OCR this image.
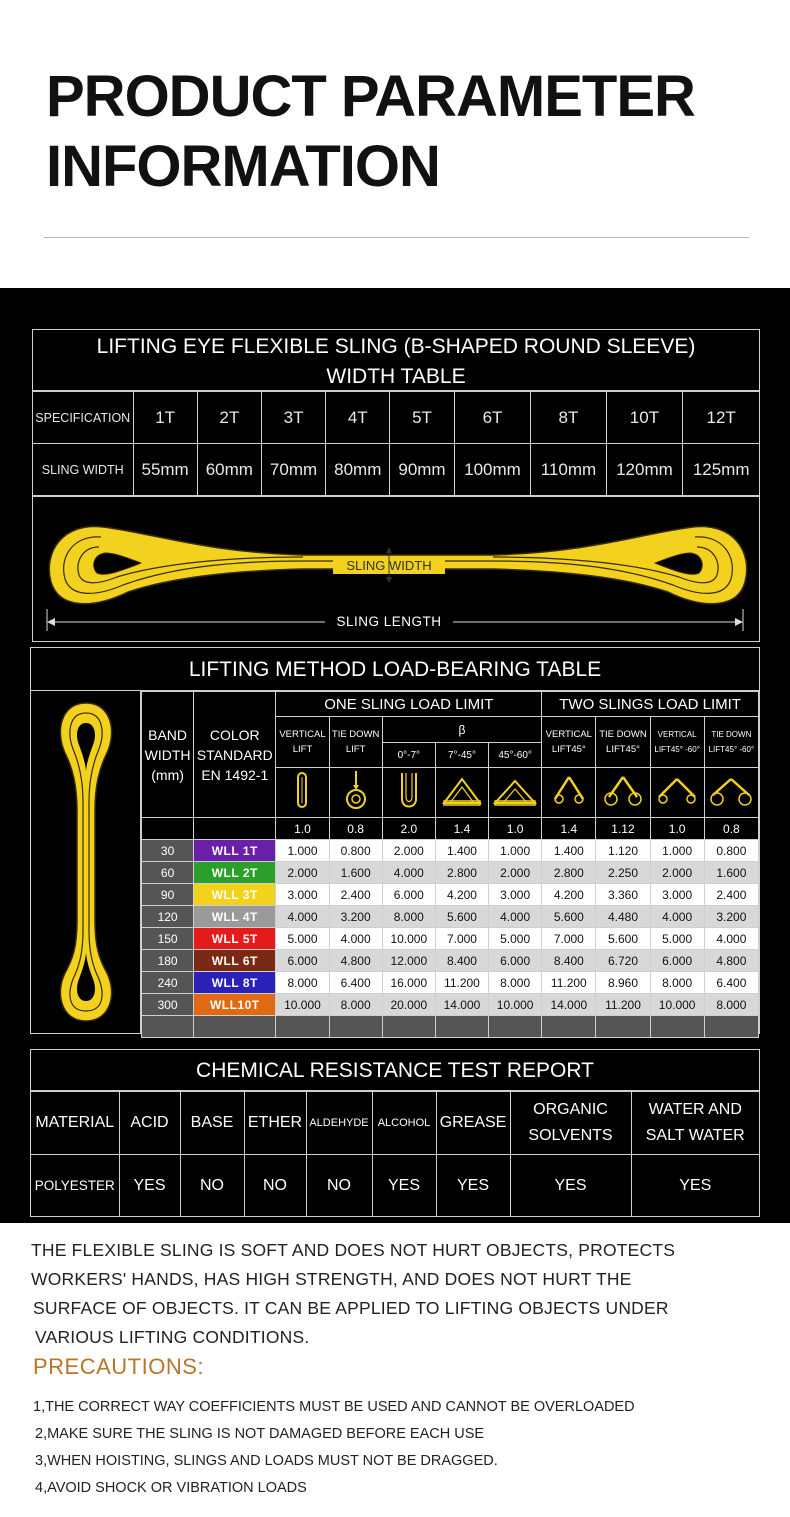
PRODUCT PARAMETER
INFORMATION
LIFTING EYE FLEXIBLE SLING (B-SHAPED ROUND SLEEVE)
WIDTH TABLE
SPECIFICATION	1T	2T	3T	4T	5T	6T	8T	10T	12T
SLING WIDTH	55mm	60mm	70mm	80mm	90mm	100mm	110mm	120mm	125mm
SLING WIDTH
SLING LENGTH
LIFTING METHOD LOAD-BEARING TABLE
BAND WIDTH (mm)	COLOR STANDARD EN 1492-1	ONE SLING LOAD LIMIT					TWO SLINGS LOAD LIMIT			
		VERTICAL LIFT	TIE DOWN LIFT	β			VERTICAL LIFT45°	TIE DOWN LIFT45°	VERTICAL LIFT45° -60°	TIE DOWN LIFT45° -60°
				0°-7°	7°-45°	45°-60°				

		1.0	0.8	2.0	1.4	1.0	1.4	1.12	1.0	0.8
30	WLL 1T	1.000	0.800	2.000	1.400	1.000	1.400	1.120	1.000	0.800
60	WLL 2T	2.000	1.600	4.000	2.800	2.000	2.800	2.250	2.000	1.600
90	WLL 3T	3.000	2.400	6.000	4.200	3.000	4.200	3.360	3.000	2.400
120	WLL 4T	4.000	3.200	8.000	5.600	4.000	5.600	4.480	4.000	3.200
150	WLL 5T	5.000	4.000	10.000	7.000	5.000	7.000	5.600	5.000	4.000
180	WLL 6T	6.000	4.800	12.000	8.400	6.000	8.400	6.720	6.000	4.800
240	WLL 8T	8.000	6.400	16.000	11.200	8.000	11.200	8.960	8.000	6.400
300	WLL10T	10.000	8.000	20.000	14.000	10.000	14.000	11.200	10.000	8.000

CHEMICAL RESISTANCE TEST REPORT
MATERIAL	ACID	BASE	ETHER	ALDEHYDE	ALCOHOL	GREASE	ORGANIC SOLVENTS	WATER AND SALT WATER
POLYESTER	YES	NO	NO	NO	YES	YES	YES	YES
THE FLEXIBLE SLING IS SOFT AND DOES NOT HURT OBJECTS, PROTECTS
WORKERS' HANDS, HAS HIGH STRENGTH, AND DOES NOT HURT THE
SURFACE OF OBJECTS. IT CAN BE APPLIED TO LIFTING OBJECTS UNDER
VARIOUS LIFTING CONDITIONS.
PRECAUTIONS:
1,THE CORRECT WAY COEFFICIENTS MUST BE USED AND CANNOT BE OVERLOADED
2,MAKE SURE THE SLING IS NOT DAMAGED BEFORE EACH USE
3,WHEN HOISTING, SLINGS AND LOADS MUST NOT BE DRAGGED.
4,AVOID SHOCK OR VIBRATION LOADS
